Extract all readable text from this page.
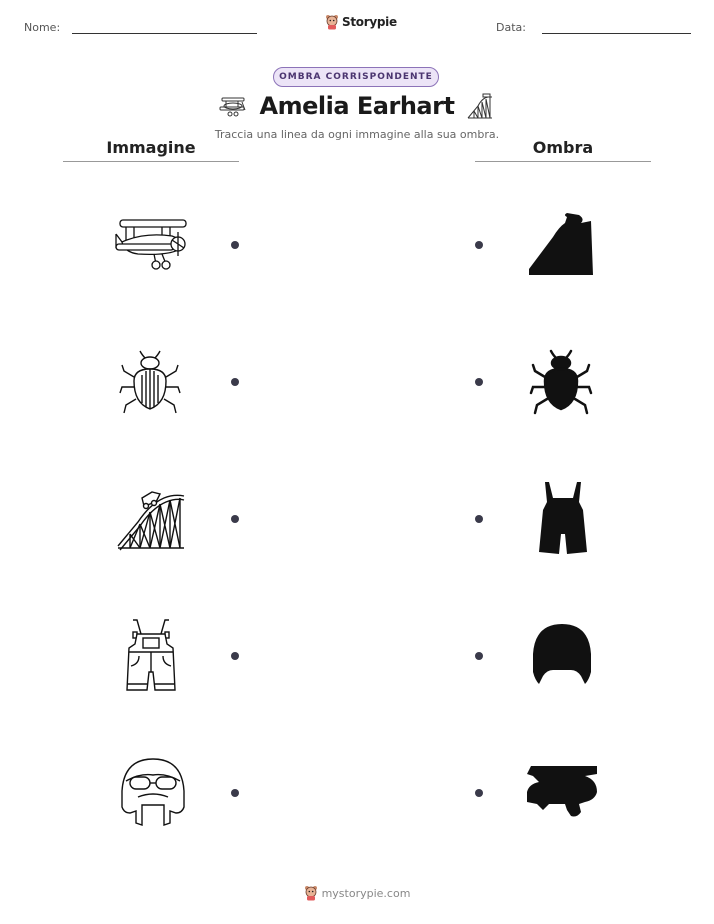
Nome:	Storypie	Data:
OMBRA CORRISPONDENTE
Amelia Earhart
Traccia una linea da ogni immagine alla sua ombra.
Immagine	Ombra
mystorypie.com
